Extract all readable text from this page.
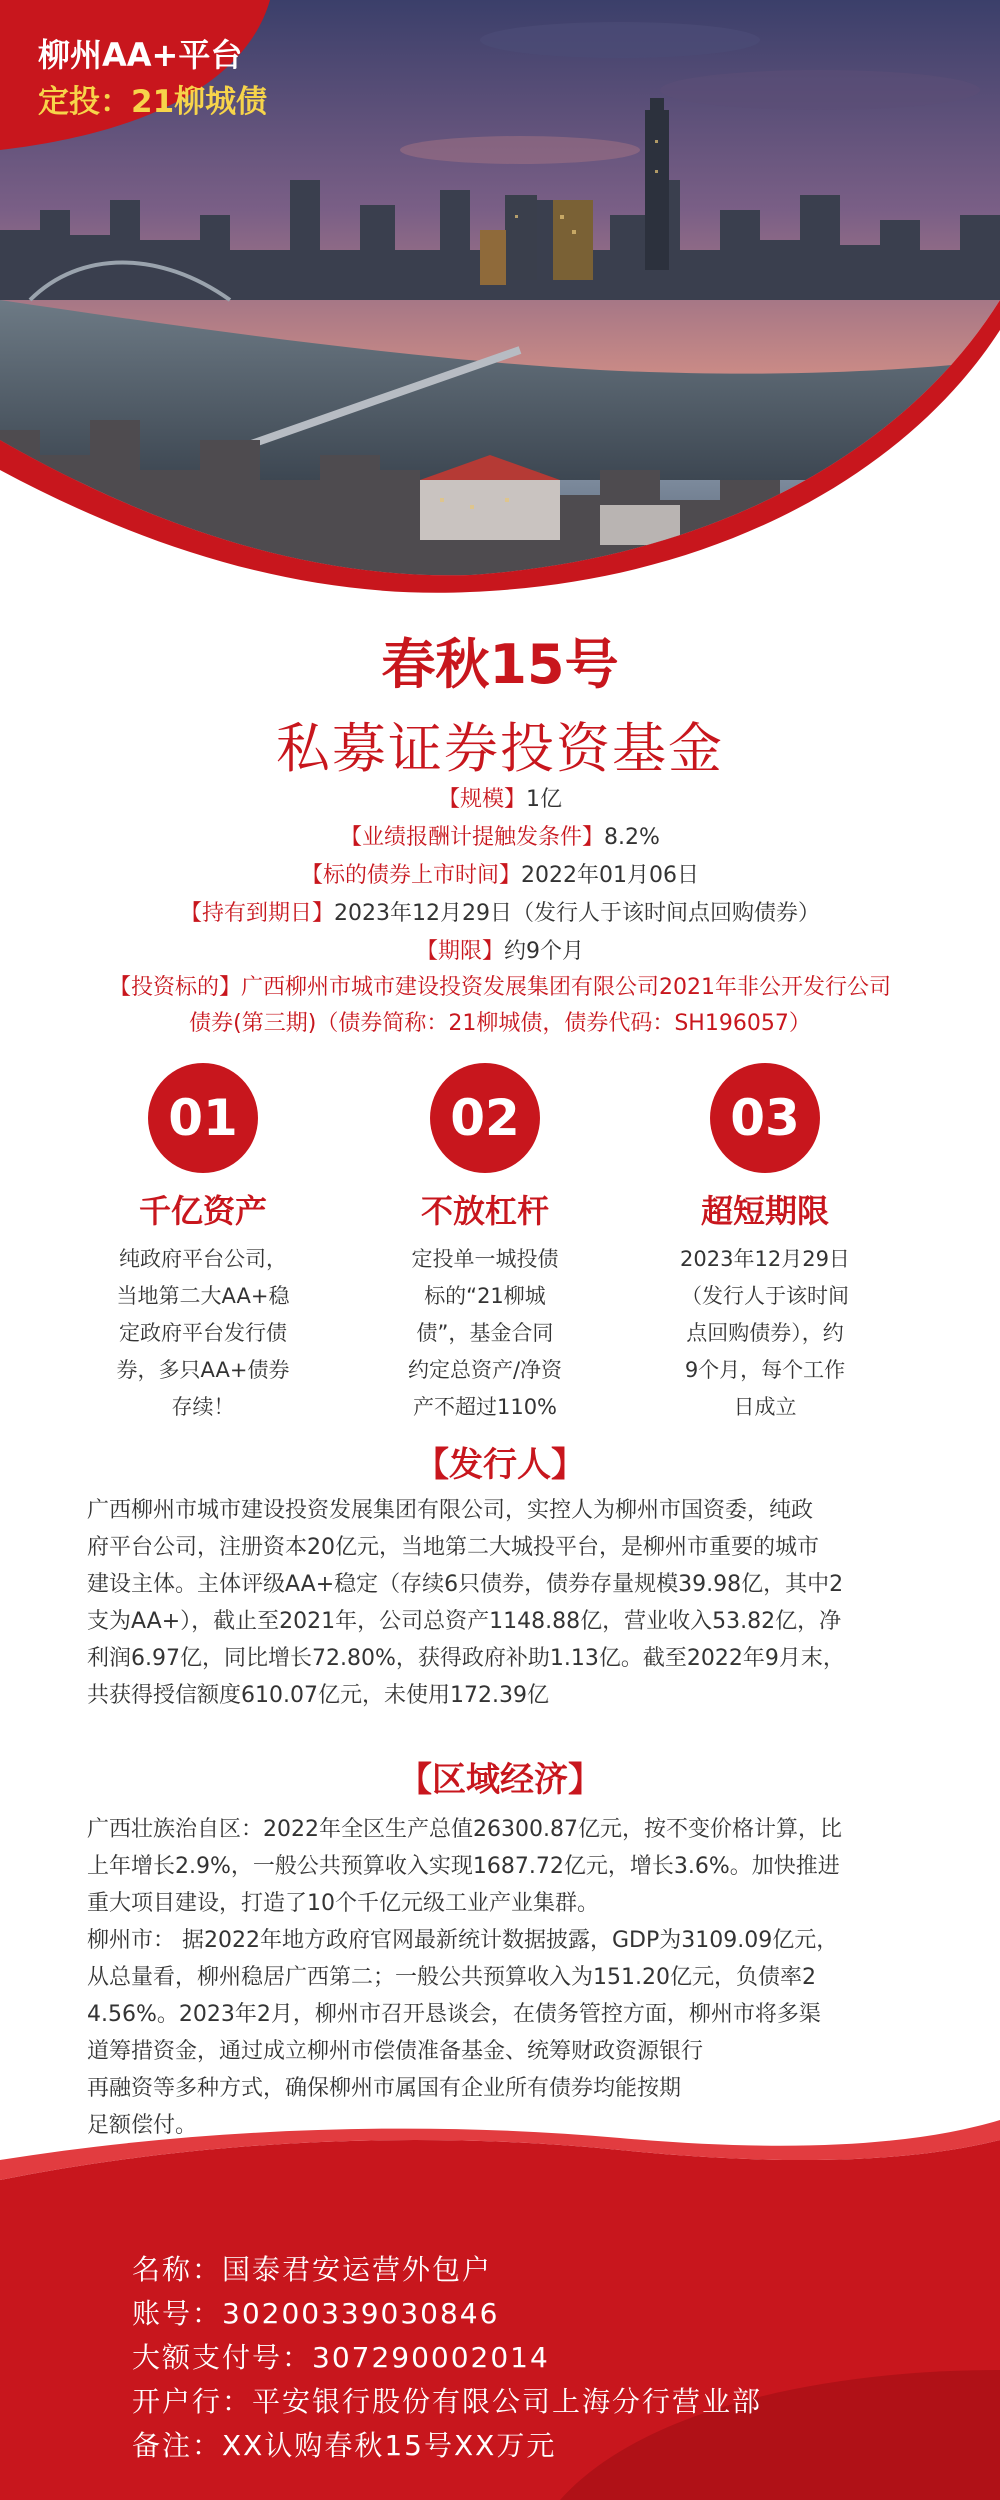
柳州AA+平台
定投：21柳城债
春秋15号
私募证券投资基金
【规模】1亿
【业绩报酬计提触发条件】8.2%
【标的债券上市时间】2022年01月06日
【持有到期日】2023年12月29日（发行人于该时间点回购债券）
【期限】约9个月
【投资标的】广西柳州市城市建设投资发展集团有限公司2021年非公开发行公司
债券(第三期)（债券简称：21柳城债，债券代码：SH196057）
01
千亿资产
纯政府平台公司，
当地第二大AA+稳
定政府平台发行债
券，多只AA+债券
存续！
02
不放杠杆
定投单一城投债
标的“21柳城
债”，基金合同
约定总资产/净资
产不超过110%
03
超短期限
2023年12月29日
（发行人于该时间
点回购债券），约
9个月，每个工作
日成立
【发行人】
广西柳州市城市建设投资发展集团有限公司，实控人为柳州市国资委，纯政
府平台公司，注册资本20亿元，当地第二大城投平台，是柳州市重要的城市
建设主体。主体评级AA+稳定（存续6只债券，债券存量规模39.98亿，其中2
支为AA+），截止至2021年，公司总资产1148.88亿，营业收入53.82亿，净
利润6.97亿，同比增长72.80%，获得政府补助1.13亿。截至2022年9月末，
共获得授信额度610.07亿元，未使用172.39亿
【区域经济】
广西壮族治自区：2022年全区生产总值26300.87亿元，按不变价格计算，比
上年增长2.9%，一般公共预算收入实现1687.72亿元，增长3.6%。加快推进
重大项目建设，打造了10个千亿元级工业产业集群。
柳州市： 据2022年地方政府官网最新统计数据披露，GDP为3109.09亿元，
从总量看，柳州稳居广西第二；一般公共预算收入为151.20亿元，负债率2
4.56%。2023年2月，柳州市召开恳谈会，在债务管控方面，柳州市将多渠
道筹措资金，通过成立柳州市偿债准备基金、统筹财政资源银行
再融资等多种方式，确保柳州市属国有企业所有债券均能按期
足额偿付。
名称：国泰君安运营外包户
账号：30200339030846
大额支付号：307290002014
开户行：平安银行股份有限公司上海分行营业部
备注：XX认购春秋15号XX万元
